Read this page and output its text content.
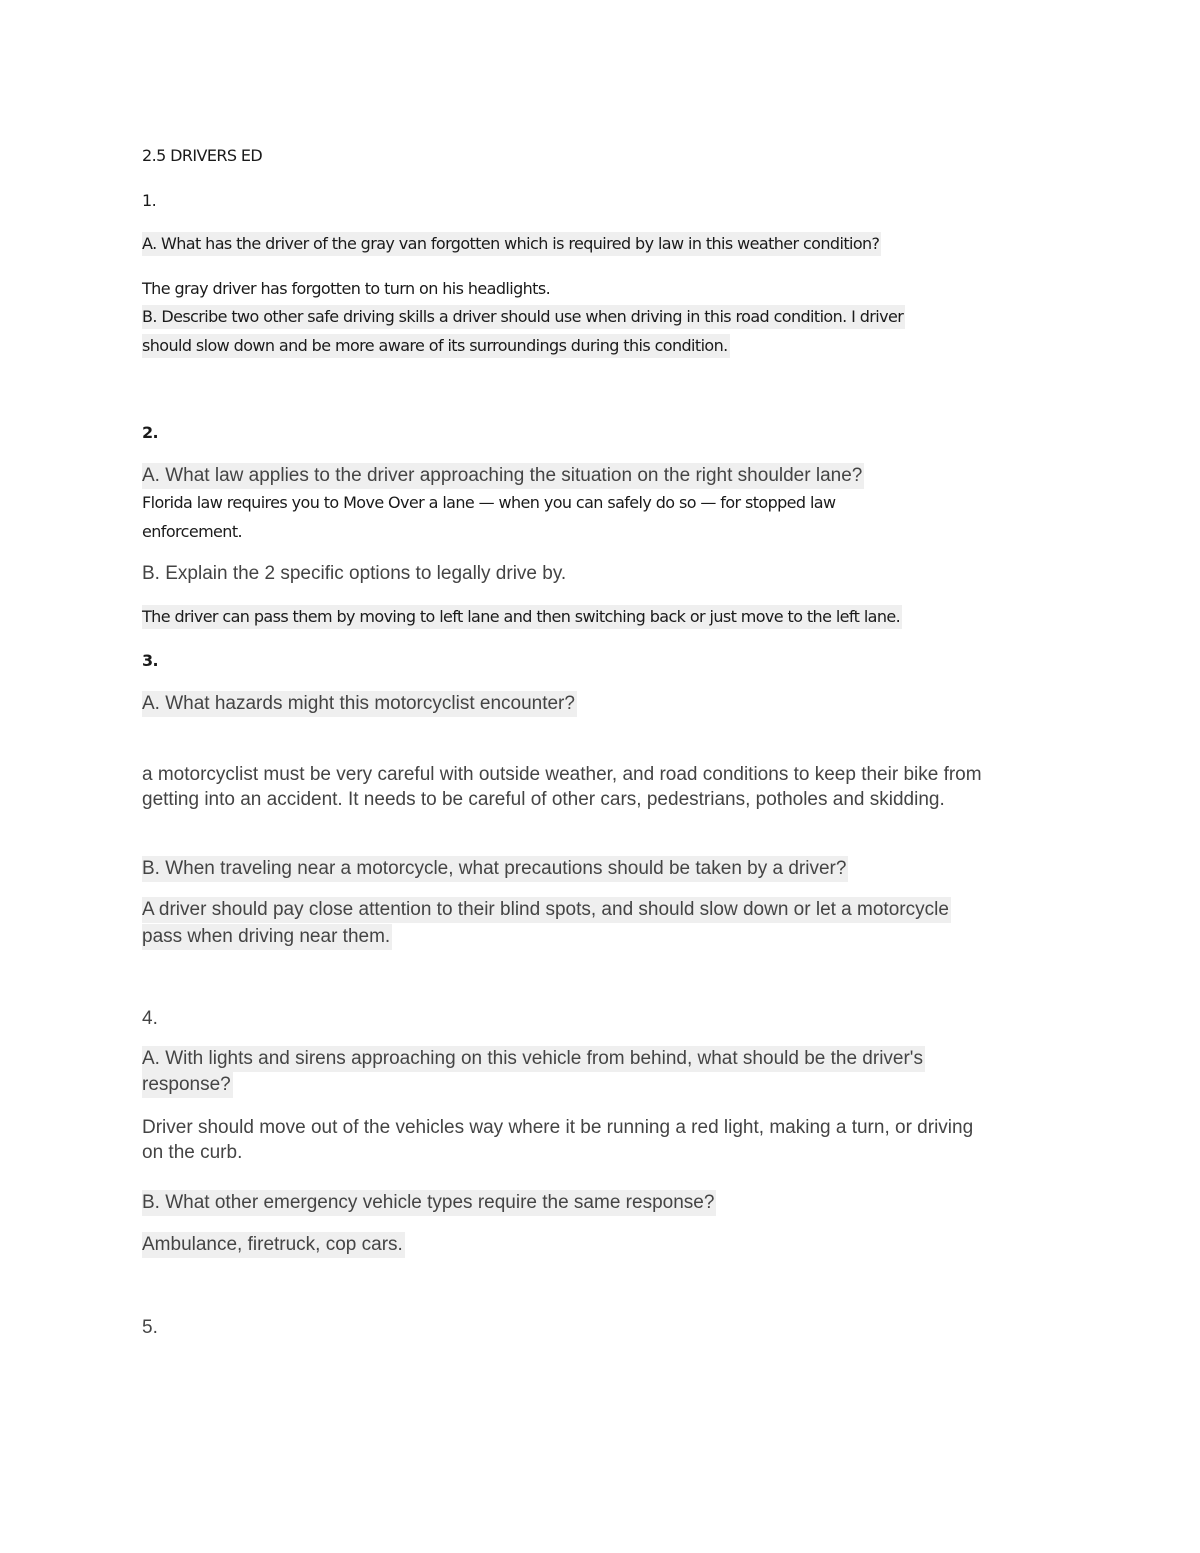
2.5 DRIVERS ED
1.
A. What has the driver of the gray van forgotten which is required by law in this weather condition?
The gray driver has forgotten to turn on his headlights.
B. Describe two other safe driving skills a driver should use when driving in this road condition. I driver
should slow down and be more aware of its surroundings during this condition.
2.
A. What law applies to the driver approaching the situation on the right shoulder lane?
Florida law requires you to Move Over a lane — when you can safely do so — for stopped law
enforcement.
B. Explain the 2 specific options to legally drive by.
The driver can pass them by moving to left lane and then switching back or just move to the left lane.
3.
A. What hazards might this motorcyclist encounter?
a motorcyclist must be very careful with outside weather, and road conditions to keep their bike from
getting into an accident. It needs to be careful of other cars, pedestrians, potholes and skidding.
B. When traveling near a motorcycle, what precautions should be taken by a driver?
A driver should pay close attention to their blind spots, and should slow down or let a motorcycle
pass when driving near them.
4.
A. With lights and sirens approaching on this vehicle from behind, what should be the driver's
response?
Driver should move out of the vehicles way where it be running a red light, making a turn, or driving
on the curb.
B. What other emergency vehicle types require the same response?
Ambulance, firetruck, cop cars.
5.
